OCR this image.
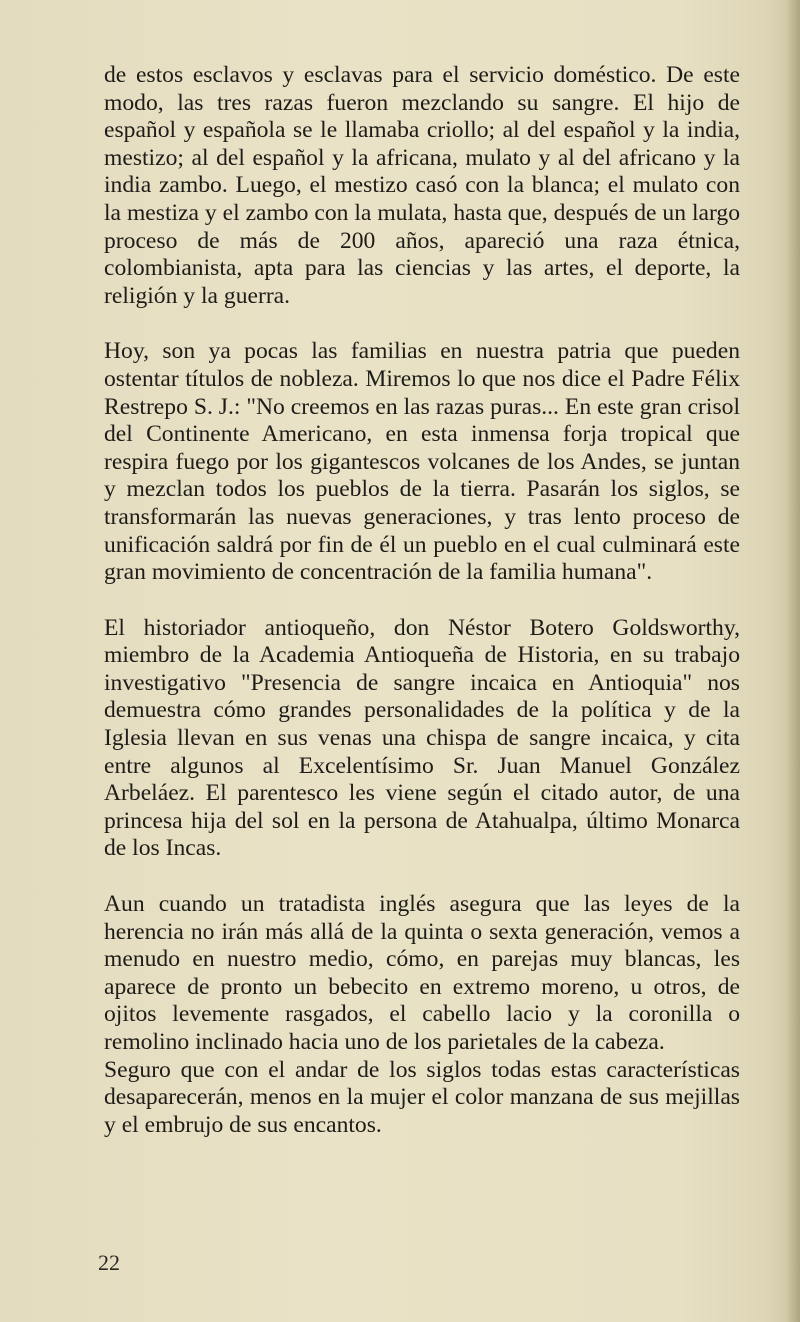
de estos esclavos y esclavas para el servicio doméstico. De este modo, las tres razas fueron mezclando su sangre. El hijo de español y española se le llamaba criollo; al del español y la india, mestizo; al del español y la africana, mulato y al del africano y la india zambo. Luego, el mestizo casó con la blanca; el mulato con la mestiza y el zambo con la mulata, hasta que, después de un largo proceso de más de 200 años, apareció una raza étnica, colombianista, apta para las ciencias y las artes, el deporte, la religión y la guerra.

Hoy, son ya pocas las familias en nuestra patria que pueden ostentar títulos de nobleza. Miremos lo que nos dice el Padre Félix Restrepo S. J.: "No creemos en las razas puras... En este gran crisol del Continente Americano, en esta inmensa forja tropical que respira fuego por los gigantescos volcanes de los Andes, se juntan y mezclan todos los pueblos de la tierra. Pasarán los siglos, se transformarán las nuevas generaciones, y tras lento proceso de unificación saldrá por fin de él un pueblo en el cual culminará este gran movimiento de concentración de la familia humana".

El historiador antioqueño, don Néstor Botero Goldsworthy, miembro de la Academia Antioqueña de Historia, en su trabajo investigativo "Presencia de sangre incaica en Antioquia" nos demuestra cómo grandes personalidades de la política y de la Iglesia llevan en sus venas una chispa de sangre incaica, y cita entre algunos al Excelentísimo Sr. Juan Manuel González Arbeláez. El parentesco les viene según el citado autor, de una princesa hija del sol en la persona de Atahualpa, último Monarca de los Incas.

Aun cuando un tratadista inglés asegura que las leyes de la herencia no irán más allá de la quinta o sexta generación, vemos a menudo en nuestro medio, cómo, en parejas muy blancas, les aparece de pronto un bebecito en extremo moreno, u otros, de ojitos levemente rasgados, el cabello lacio y la coronilla o remolino inclinado hacia uno de los parietales de la cabeza.

Seguro que con el andar de los siglos todas estas características desaparecerán, menos en la mujer el color manzana de sus mejillas y el embrujo de sus encantos.

22
